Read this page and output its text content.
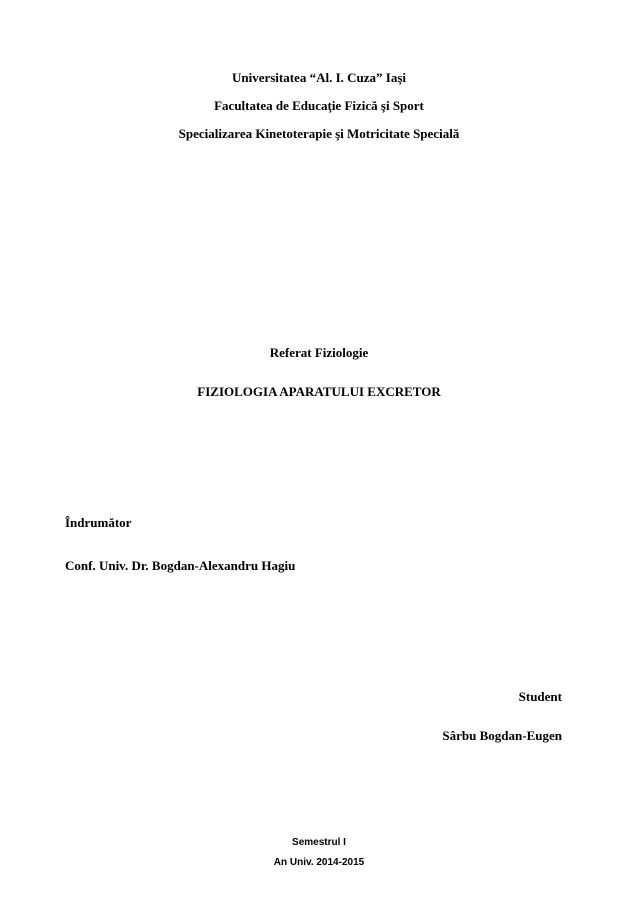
Universitatea “Al. I. Cuza” Iaşi
Facultatea de Educaţie Fizică şi Sport
Specializarea Kinetoterapie şi Motricitate Specială
Referat Fiziologie
FIZIOLOGIA APARATULUI EXCRETOR
Îndrumător
Conf. Univ. Dr. Bogdan-Alexandru Hagiu
Student
Sârbu Bogdan-Eugen
Semestrul I
An Univ. 2014-2015
